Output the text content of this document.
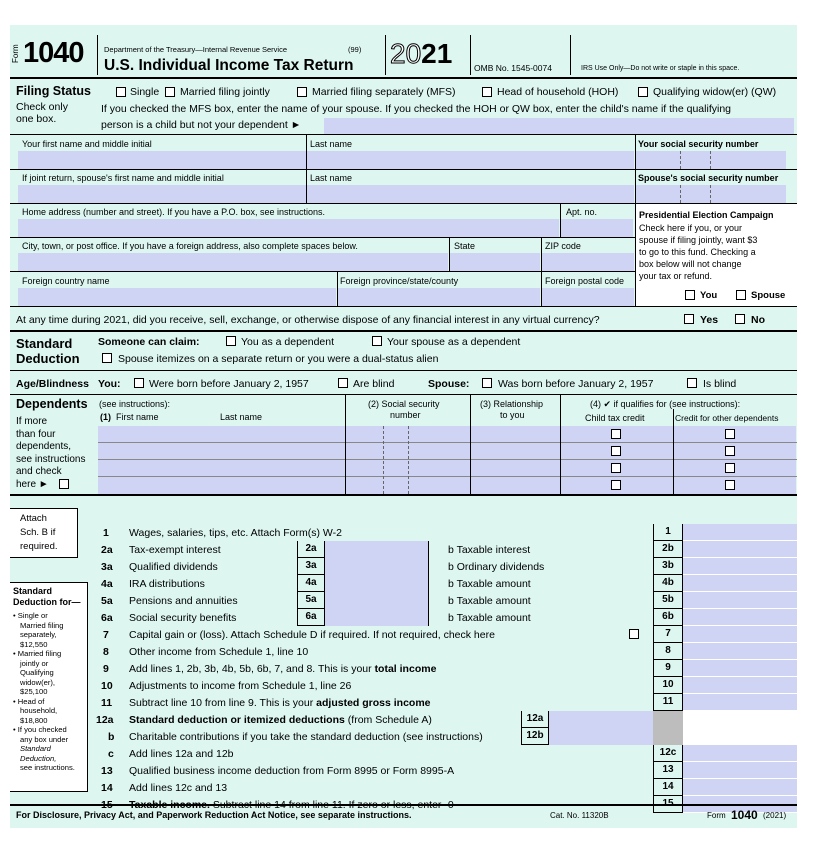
Form 1040	Department of the Treasury—Internal Revenue Service	(99)
U.S. Individual Income Tax Return 2021	OMB No. 1545-0074	IRS Use Only—Do not write or staple in this space.
Filing Status
Check only
one box.
Single Married filing jointly	Married filing separately (MFS)	Head of household (HOH)	Qualifying widow(er) (QW)
If you checked the MFS box, enter the name of your spouse. If you checked the HOH or QW box, enter the child's name if the qualifying
person is a child but not your dependent ►
Your first name and middle initial	Last name	Your social security number
If joint return, spouse's first name and middle initial	Last name	Spouse's social security number
Home address (number and street). If you have a P.O. box, see instructions.	Apt. no.
City, town, or post office. If you have a foreign address, also complete spaces below.	State	ZIP code
Foreign country name	Foreign province/state/county	Foreign postal code
Presidential Election Campaign
Check here if you, or your
spouse if filing jointly, want $3
to go to this fund. Checking a
box below will not change
your tax or refund.
You	Spouse
At any time during 2021, did you receive, sell, exchange, or otherwise dispose of any financial interest in any virtual currency?	Yes	No
Standard
Deduction
Someone can claim:	You as a dependent	Your spouse as a dependent
Spouse itemizes on a separate return or you were a dual-status alien
Age/Blindness You:	Were born before January 2, 1957	Are blind	Spouse:	Was born before January 2, 1957	Is blind
Dependents (see instructions):
If more
than four
dependents,
see instructions
and check
here ►
(1) First name	Last name
(2) Social security
number
(3) Relationship
to you
(4) ✔ if qualifies for (see instructions):
Child tax credit	Credit for other dependents
Attach
Sch. B if
required.
Standard
Deduction for—
• Single or
Married filing
separately,
$12,550
• Married filing
jointly or
Qualifying
widow(er),
$25,100
• Head of
household,
$18,800
• If you checked
any box under
Standard
Deduction,
see instructions.
1 Wages, salaries, tips, etc. Attach Form(s) W-2	1
2a Tax-exempt interest	2a	b Taxable interest	2b
3a Qualified dividends	3a	b Ordinary dividends	3b
4a IRA distributions	4a	b Taxable amount	4b
5a Pensions and annuities	5a	b Taxable amount	5b
6a Social security benefits	6a	b Taxable amount	6b
7 Capital gain or (loss). Attach Schedule D if required. If not required, check here	7
8 Other income from Schedule 1, line 10	8
9 Add lines 1, 2b, 3b, 4b, 5b, 6b, 7, and 8. This is your total income	9
10 Adjustments to income from Schedule 1, line 26	10
11 Subtract line 10 from line 9. This is your adjusted gross income	11
12a Standard deduction or itemized deductions (from Schedule A)	12a
b Charitable contributions if you take the standard deduction (see instructions)	12b
c Add lines 12a and 12b	12c
13 Qualified business income deduction from Form 8995 or Form 8995-A	13
14 Add lines 12c and 13	14
For Disclosure, Privacy Act, and Paperwork Reduction Act Notice, see separate instructions.	Cat. No. 11320B	Form 1040 (2021)
